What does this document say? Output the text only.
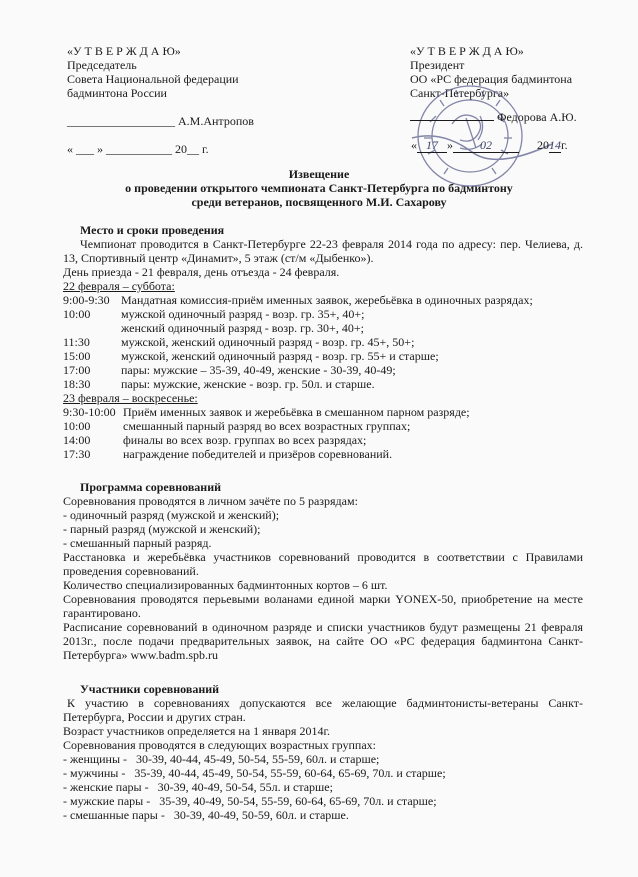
«У Т В Е Р Ж Д А Ю»
Председатель
Совета Национальной федерации
бадминтона России
__________________ А.М.Антропов
« ___ » ___________ 20__ г.
«У Т В Е Р Ж Д А Ю»
Президент
ОО «РС федерация бадминтона
Санкт-Петербурга»
Федорова А.Ю.
« 17 » 02	2014г.
Извещение
о проведении открытого чемпионата Санкт-Петербурга по бадминтону
среди ветеранов, посвященного М.И. Сахарову
Место и сроки проведения
Чемпионат проводится в Санкт-Петербурге 22-23 февраля 2014 года по адресу: пер. Челиева, д. 13, Спортивный центр «Динамит», 5 этаж (ст/м «Дыбенко»).
День приезда - 21 февраля, день отъезда - 24 февраля.
22 февраля – суббота:
9:00-9:30 Мандатная комиссия-приём именных заявок, жеребьёвка в одиночных разрядах;
10:00	мужской одиночный разряд - возр. гр. 35+, 40+;
женский одиночный разряд - возр. гр. 30+, 40+;
11:30	мужской, женский одиночный разряд - возр. гр. 45+, 50+;
15:00	мужской, женский одиночный разряд - возр. гр. 55+ и старше;
17:00	пары: мужские – 35-39, 40-49, женские - 30-39, 40-49;
18:30	пары: мужские, женские - возр. гр. 50л. и старше.
23 февраля – воскресенье:
9:30-10:00 Приём именных заявок и жеребьёвка в смешанном парном разряде;
10:00	смешанный парный разряд во всех возрастных группах;
14:00	финалы во всех возр. группах во всех разрядах;
17:30	награждение победителей и призёров соревнований.
Программа соревнований
Соревнования проводятся в личном зачёте по 5 разрядам:
- одиночный разряд (мужской и женский);
- парный разряд (мужской и женский);
- смешанный парный разряд.
Расстановка и жеребьёвка участников соревнований проводится в соответствии с Правилами проведения соревнований.
Количество специализированных бадминтонных кортов – 6 шт.
Соревнования проводятся перьевыми воланами единой марки YONEX-50, приобретение на месте гарантировано.
Расписание соревнований в одиночном разряде и списки участников будут размещены 21 февраля 2013г., после подачи предварительных заявок, на сайте ОО «РС федерация бадминтона Санкт-Петербурга» www.badm.spb.ru
Участники соревнований
К участию в соревнованиях допускаются все желающие бадминтонисты-ветераны Санкт-Петербурга, России и других стран.
Возраст участников определяется на 1 января 2014г.
Соревнования проводятся в следующих возрастных группах:
- женщины - 30-39, 40-44, 45-49, 50-54, 55-59, 60л. и старше;
- мужчины - 35-39, 40-44, 45-49, 50-54, 55-59, 60-64, 65-69, 70л. и старше;
- женские пары - 30-39, 40-49, 50-54, 55л. и старше;
- мужские пары - 35-39, 40-49, 50-54, 55-59, 60-64, 65-69, 70л. и старше;
- смешанные пары - 30-39, 40-49, 50-59, 60л. и старше.
